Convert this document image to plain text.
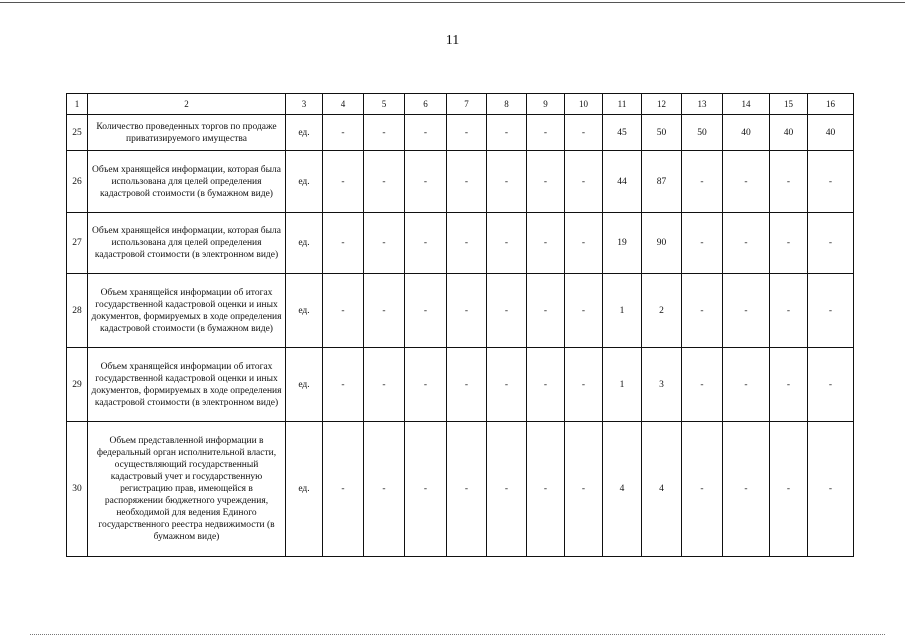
11
1	2	3	4	5	6	7	8	9	10	11	12	13	14	15	16
25	Количество проведенных торгов по продаже приватизируемого имущества	ед.	-	-	-	-	-	-	-	45	50	50	40	40	40
26	Объем хранящейся информации, которая была использована для целей определения кадастровой стоимости (в бумажном виде)	ед.	-	-	-	-	-	-	-	44	87	-	-	-	-
27	Объем хранящейся информации, которая была использована для целей определения кадастровой стоимости (в электронном виде)	ед.	-	-	-	-	-	-	-	19	90	-	-	-	-
28	Объем хранящейся информации об итогах государственной кадастровой оценки и иных документов, формируемых в ходе определения кадастровой стоимости (в бумажном виде)	ед.	-	-	-	-	-	-	-	1	2	-	-	-	-
29	Объем хранящейся информации об итогах государственной кадастровой оценки и иных документов, формируемых в ходе определения кадастровой стоимости (в электронном виде)	ед.	-	-	-	-	-	-	-	1	3	-	-	-	-
30	Объем представленной информации в федеральный орган исполнительной власти, осуществляющий государственный кадастровый учет и государственную регистрацию прав, имеющейся в распоряжении бюджетного учреждения, необходимой для ведения Единого государственного реестра недвижимости (в бумажном виде)	ед.	-	-	-	-	-	-	-	4	4	-	-	-	-
